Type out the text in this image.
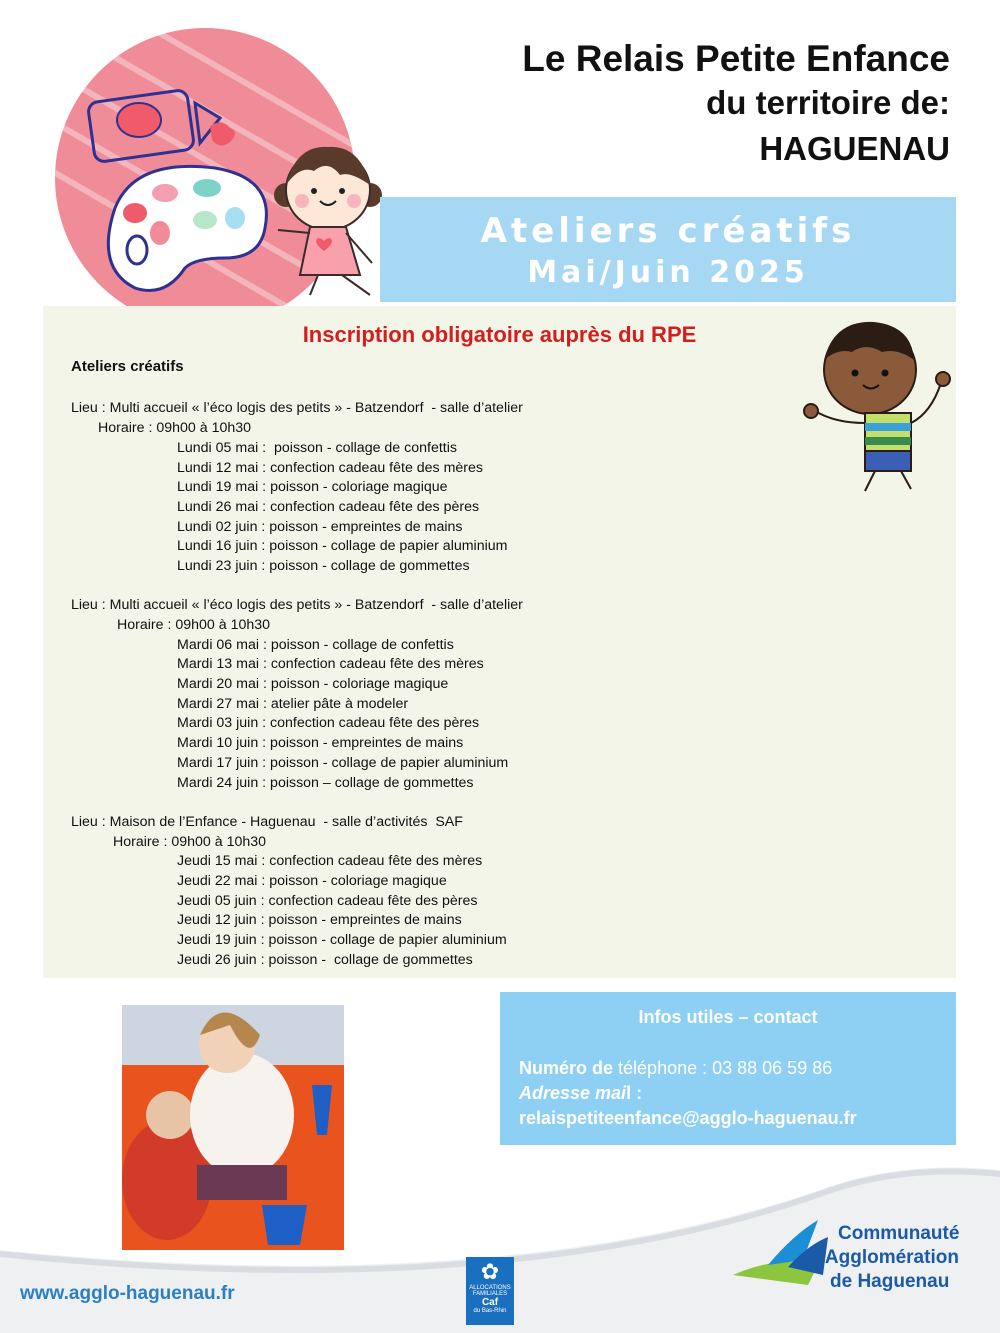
Le Relais Petite Enfance
du territoire de:
HAGUENAU
Ateliers créatifs
Mai/Juin 2025
Inscription obligatoire auprès du RPE
Ateliers créatifs
Lieu : Multi accueil « l’éco logis des petits » - Batzendorf  - salle d’atelier
Horaire : 09h00 à 10h30
Lundi 05 mai :  poisson - collage de confettis
Lundi 12 mai : confection cadeau fête des mères
Lundi 19 mai : poisson - coloriage magique
Lundi 26 mai : confection cadeau fête des pères
Lundi 02 juin : poisson - empreintes de mains
Lundi 16 juin : poisson - collage de papier aluminium
Lundi 23 juin : poisson - collage de gommettes
Lieu : Multi accueil « l’éco logis des petits » - Batzendorf  - salle d’atelier
Horaire : 09h00 à 10h30
Mardi 06 mai : poisson - collage de confettis
Mardi 13 mai : confection cadeau fête des mères
Mardi 20 mai : poisson - coloriage magique
Mardi 27 mai : atelier pâte à modeler
Mardi 03 juin : confection cadeau fête des pères
Mardi 10 juin : poisson - empreintes de mains
Mardi 17 juin : poisson - collage de papier aluminium
Mardi 24 juin : poisson – collage de gommettes
Lieu : Maison de l’Enfance - Haguenau  - salle d’activités  SAF
Horaire : 09h00 à 10h30
Jeudi 15 mai : confection cadeau fête des mères
Jeudi 22 mai : poisson - coloriage magique
Jeudi 05 juin : confection cadeau fête des pères
Jeudi 12 juin : poisson - empreintes de mains
Jeudi 19 juin : poisson - collage de papier aluminium
Jeudi 26 juin : poisson -  collage de gommettes
Infos utiles – contact
Numéro de téléphone : 03 88 06 59 86
Adresse mail :
relaispetiteenfance@agglo-haguenau.fr
www.agglo-haguenau.fr
✿
ALLOCATIONS
FAMILIALES
Caf
du Bas-Rhin
Communauté
d’Agglomération
de Haguenau
